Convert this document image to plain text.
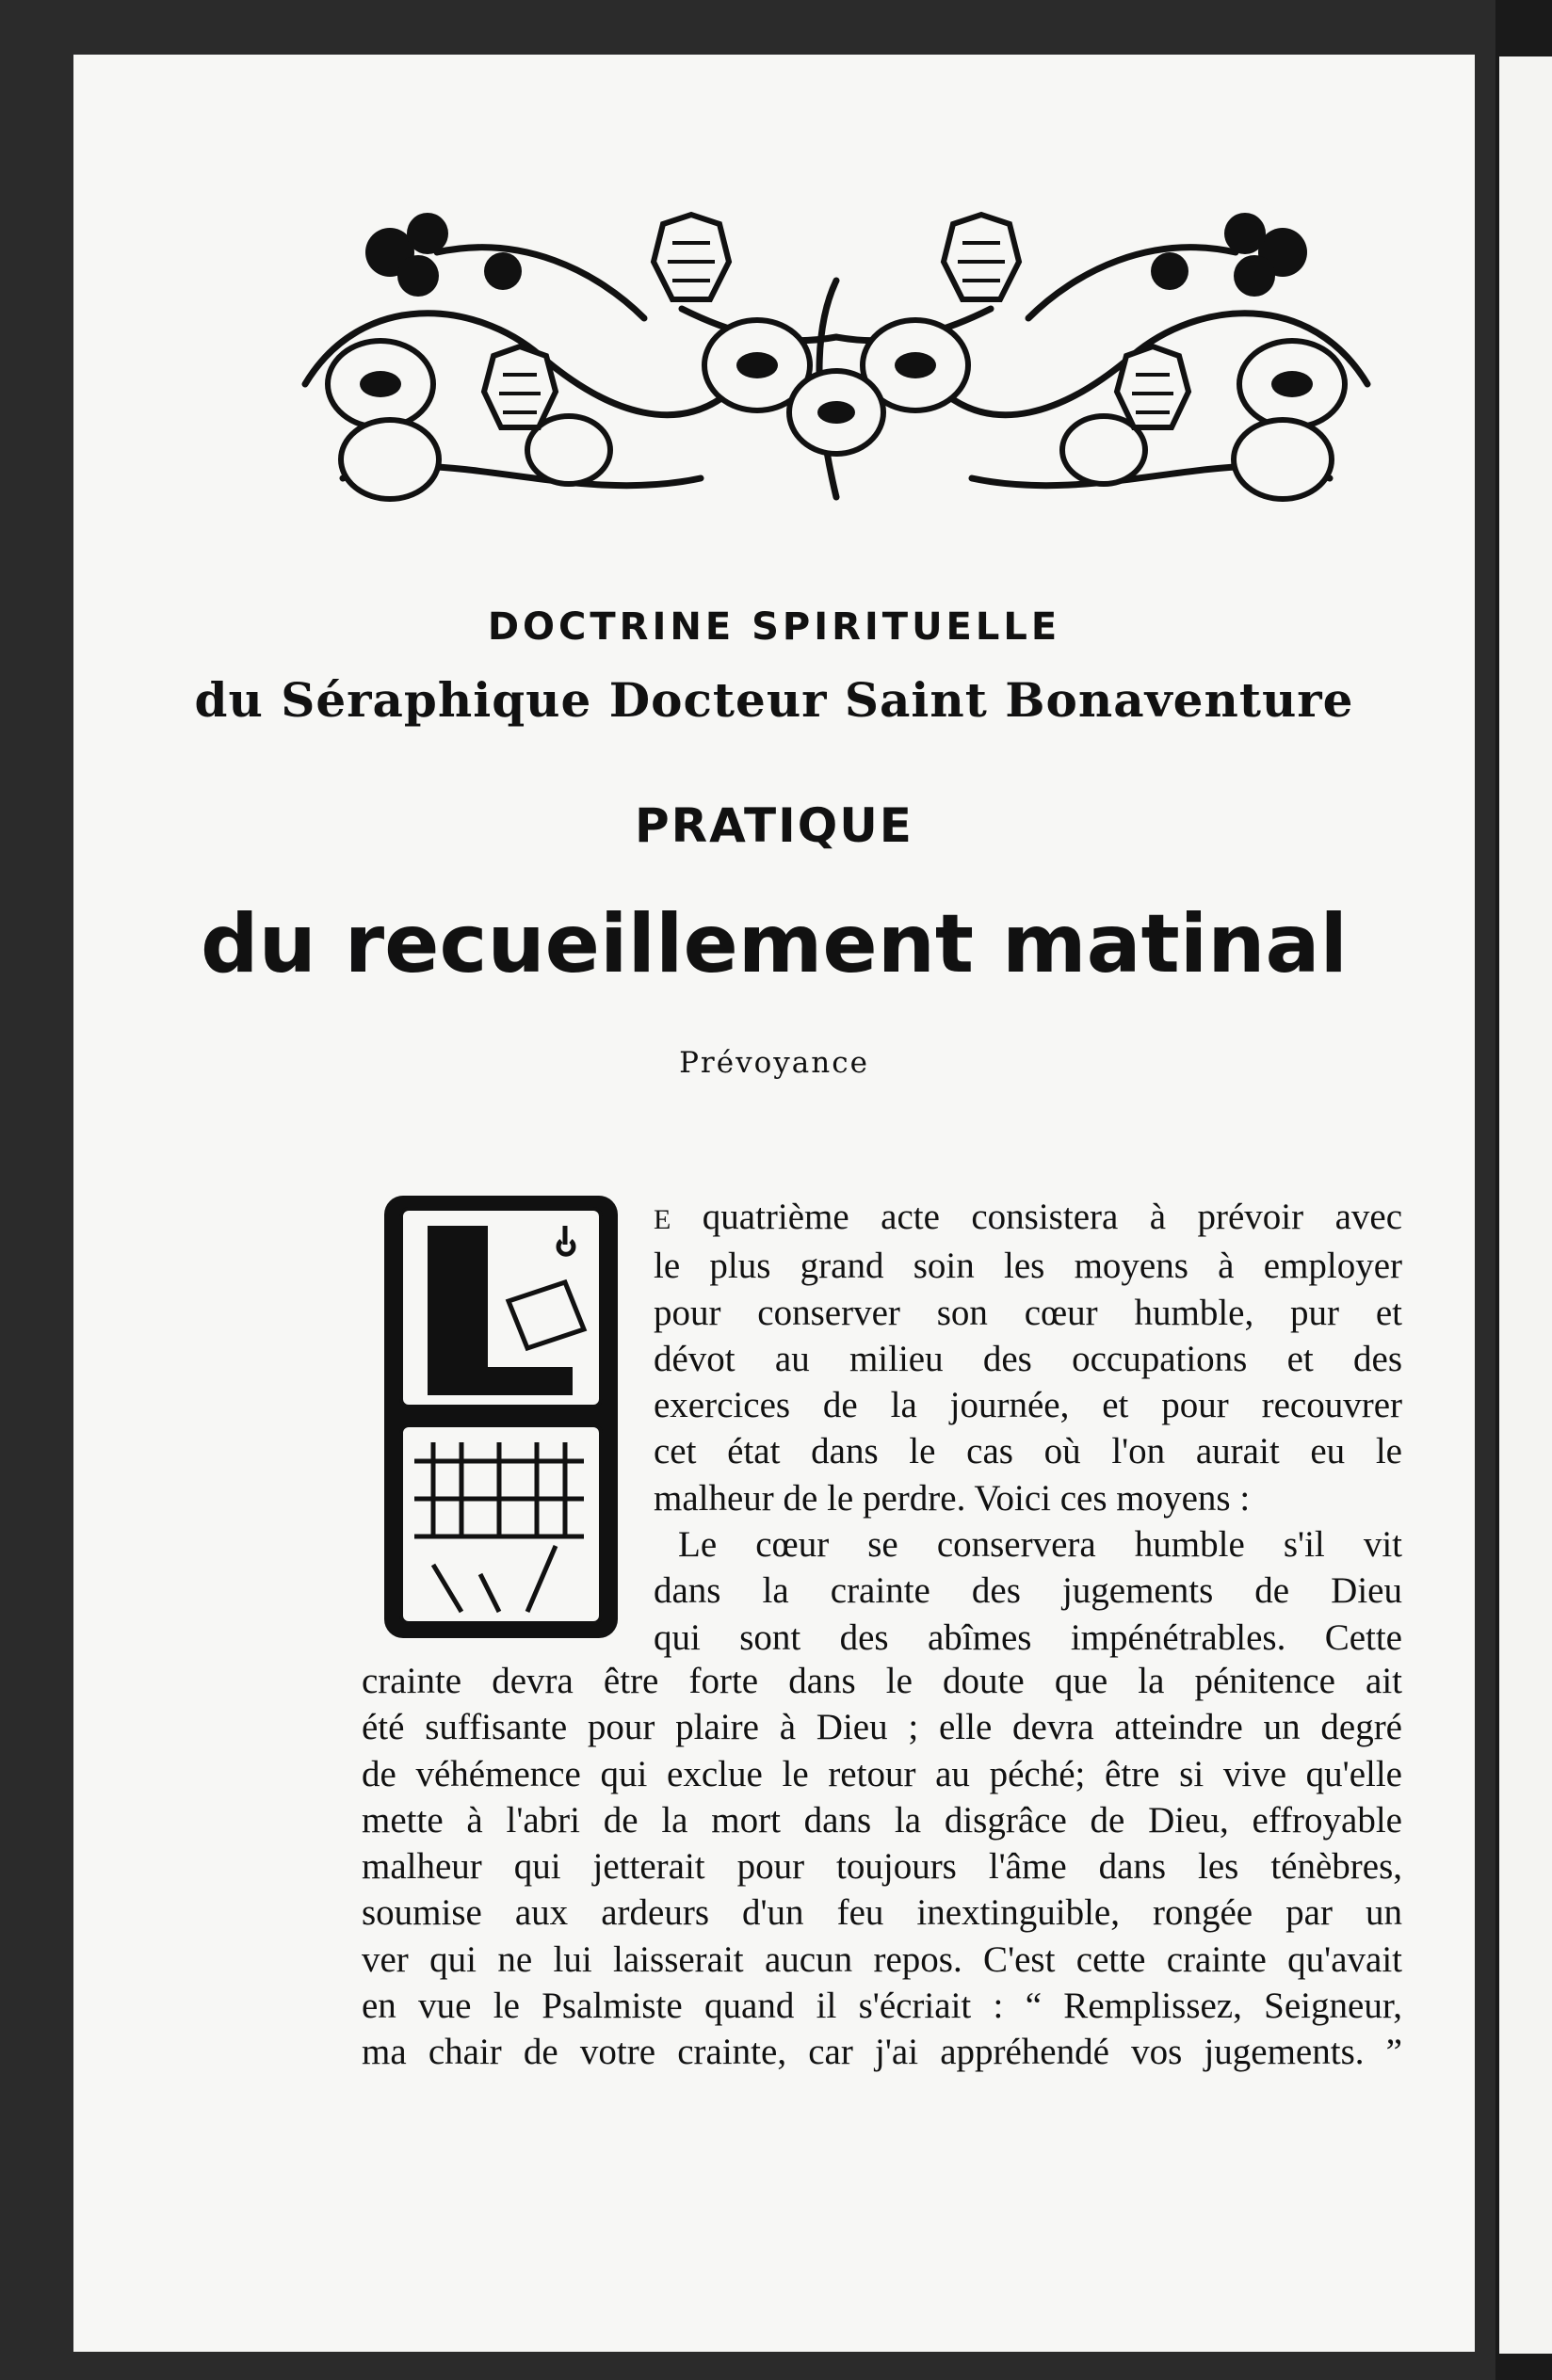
DOCTRINE SPIRITUELLE
du Séraphique Docteur Saint Bonaventure
PRATIQUE
du recueillement matinal
Prévoyance

E quatrième acte consistera à prévoir avec
le plus grand soin les moyens à employer
pour conserver son cœur humble, pur et
dévot au milieu des occupations et des
exercices de la journée, et pour recouvrer
cet état dans le cas où l'on aurait eu le
malheur de le perdre. Voici ces moyens :
Le cœur se conservera humble s'il vit
dans la crainte des jugements de Dieu
qui sont des abîmes impénétrables. Cette

crainte devra être forte dans le doute que la pénitence ait
été suffisante pour plaire à Dieu ; elle devra atteindre un degré
de véhémence qui exclue le retour au péché; être si vive qu'elle
mette à l'abri de la mort dans la disgrâce de Dieu, effroyable
malheur qui jetterait pour toujours l'âme dans les ténèbres,
soumise aux ardeurs d'un feu inextinguible, rongée par un
ver qui ne lui laisserait aucun repos. C'est cette crainte qu'avait
en vue le Psalmiste quand il s'écriait : “ Remplissez, Seigneur,
ma chair de votre crainte, car j'ai appréhendé vos jugements. ”
